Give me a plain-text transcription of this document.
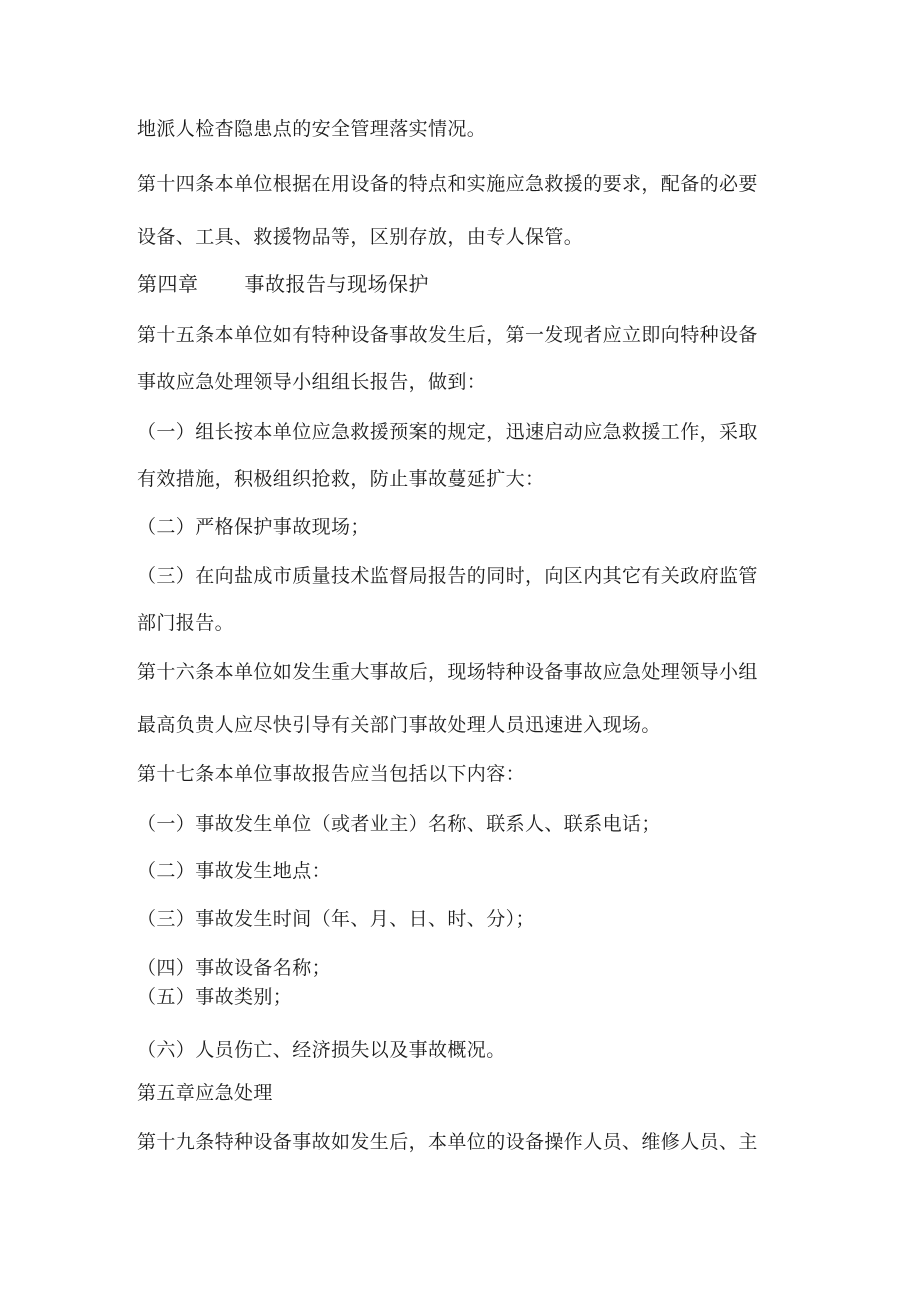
地派人检杳隐患点的安全管理落实情况。
第十四条本单位根据在用设备的特点和实施应急救援的要求，配备的必要
设备、工具、救援物品等，区别存放，由专人保管。
第四章 事故报告与现场保护
第十五条本单位如有特种设备事故发生后，第一发现者应立即向特种设备
事故应急处理领导小组组长报告，做到：
（一）组长按本单位应急救援预案的规定，迅速启动应急救援工作，采取
有效措施，积极组织抢救，防止事故蔓延扩大：
（二）严格保护事故现场；
（三）在向盐成市质量技术监督局报告的同时，向区内其它有关政府监管
部门报告。
第十六条本单位如发生重大事故后，现场特种设备事故应急处理领导小组
最高负贵人应尽快引导有关部门事故处理人员迅速进入现场。
第十七条本单位事故报告应当包括以下内容：
（一）事故发生单位（或者业主）名称、联系人、联系电话；
（二）事故发生地点：
（三）事故发生时间（年、月、日、时、分）；
（四）事故设备名称；
（五）事故类别；
（六）人员伤亡、经济损失以及事故概况。
第五章应急处理
第十九条特种设备事故如发生后，本单位的设备操作人员、维修人员、主
